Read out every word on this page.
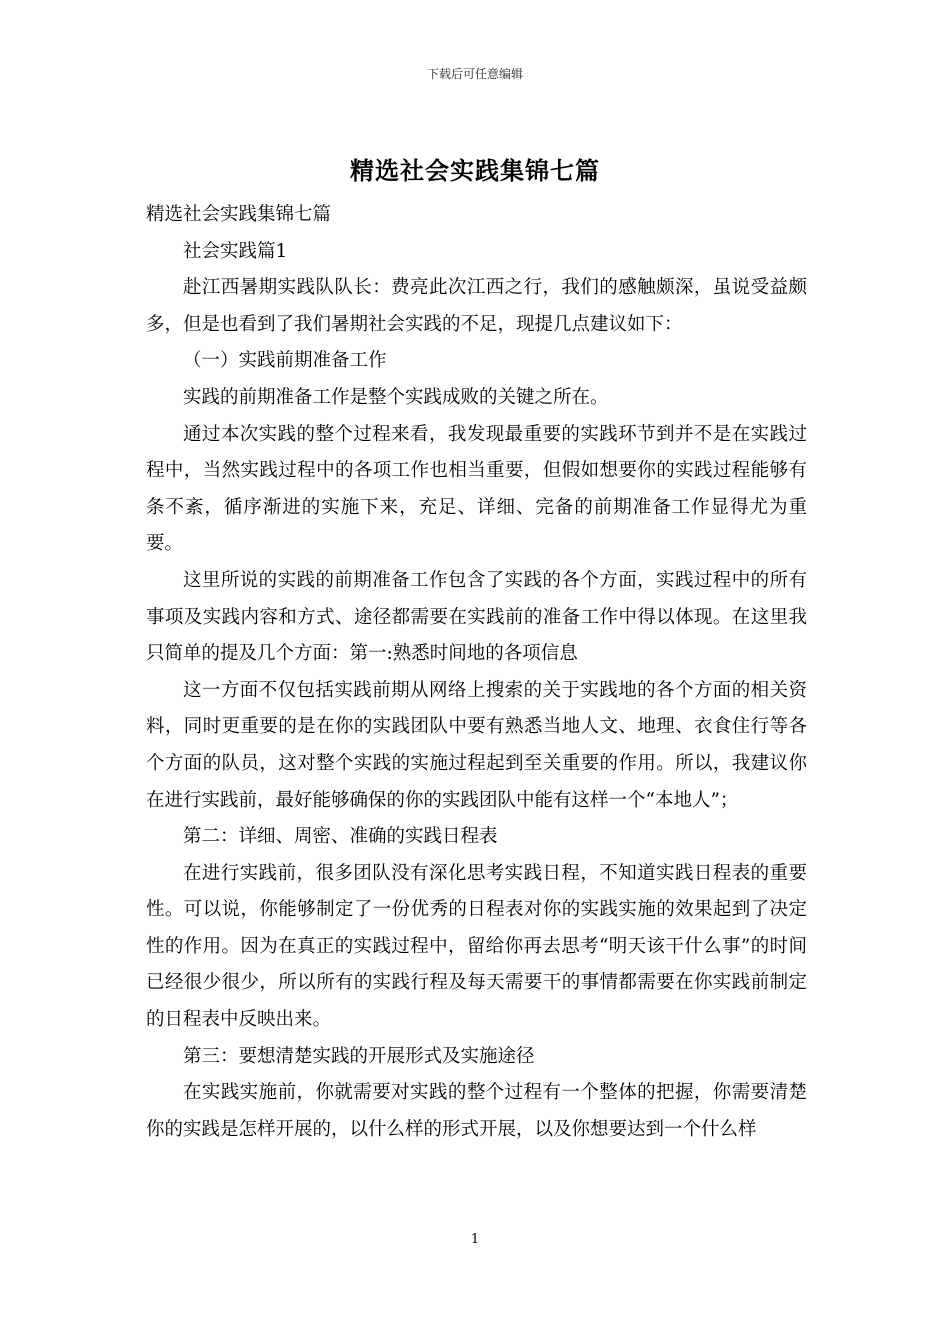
下载后可任意编辑
精选社会实践集锦七篇

精选社会实践集锦七篇

社会实践篇1

赴江西暑期实践队队长：费亮此次江西之行，我们的感触颇深，虽说受益颇多，但是也看到了我们暑期社会实践的不足，现提几点建议如下：

（一）实践前期准备工作

实践的前期准备工作是整个实践成败的关键之所在。

通过本次实践的整个过程来看，我发现最重要的实践环节到并不是在实践过程中，当然实践过程中的各项工作也相当重要，但假如想要你的实践过程能够有条不紊，循序渐进的实施下来，充足、详细、完备的前期准备工作显得尤为重要。

这里所说的实践的前期准备工作包含了实践的各个方面，实践过程中的所有事项及实践内容和方式、途径都需要在实践前的准备工作中得以体现。在这里我只简单的提及几个方面：第一:熟悉时间地的各项信息

这一方面不仅包括实践前期从网络上搜索的关于实践地的各个方面的相关资料，同时更重要的是在你的实践团队中要有熟悉当地人文、地理、衣食住行等各个方面的队员，这对整个实践的实施过程起到至关重要的作用。所以，我建议你在进行实践前，最好能够确保的你的实践团队中能有这样一个“本地人”；

第二：详细、周密、准确的实践日程表

在进行实践前，很多团队没有深化思考实践日程，不知道实践日程表的重要性。可以说，你能够制定了一份优秀的日程表对你的实践实施的效果起到了决定性的作用。因为在真正的实践过程中，留给你再去思考“明天该干什么事”的时间已经很少很少，所以所有的实践行程及每天需要干的事情都需要在你实践前制定的日程表中反映出来。

第三：要想清楚实践的开展形式及实施途径

在实践实施前，你就需要对实践的整个过程有一个整体的把握，你需要清楚你的实践是怎样开展的，以什么样的形式开展，以及你想要达到一个什么样

1
